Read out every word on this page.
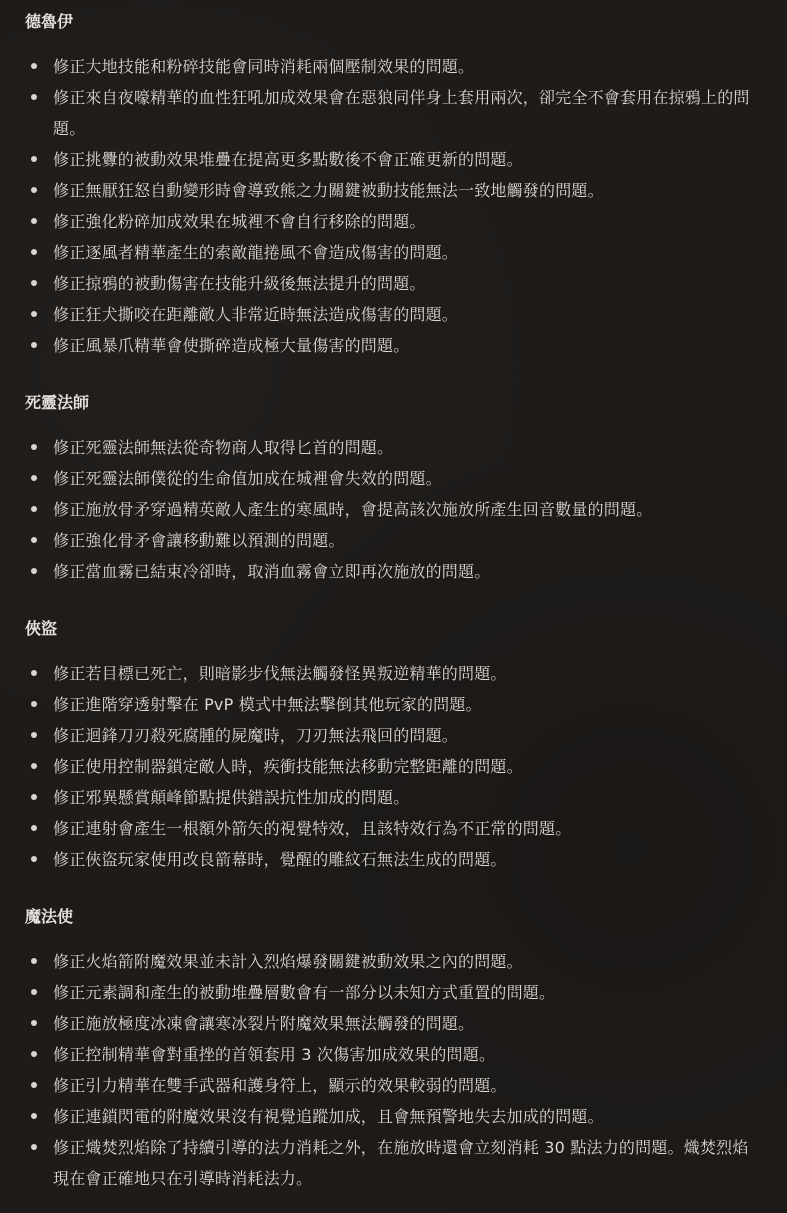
德魯伊
修正大地技能和粉碎技能會同時消耗兩個壓制效果的問題。
修正來自夜嚎精華的血性狂吼加成效果會在惡狼同伴身上套用兩次，卻完全不會套用在掠鴉上的問題。
修正挑釁的被動效果堆疊在提高更多點數後不會正確更新的問題。
修正無厭狂怒自動變形時會導致熊之力關鍵被動技能無法一致地觸發的問題。
修正強化粉碎加成效果在城裡不會自行移除的問題。
修正逐風者精華產生的索敵龍捲風不會造成傷害的問題。
修正掠鴉的被動傷害在技能升級後無法提升的問題。
修正狂犬撕咬在距離敵人非常近時無法造成傷害的問題。
修正風暴爪精華會使撕碎造成極大量傷害的問題。
死靈法師
修正死靈法師無法從奇物商人取得匕首的問題。
修正死靈法師僕從的生命值加成在城裡會失效的問題。
修正施放骨矛穿過精英敵人產生的寒風時，會提高該次施放所產生回音數量的問題。
修正強化骨矛會讓移動難以預測的問題。
修正當血霧已結束冷卻時，取消血霧會立即再次施放的問題。
俠盜
修正若目標已死亡，則暗影步伐無法觸發怪異叛逆精華的問題。
修正進階穿透射擊在 PvP 模式中無法擊倒其他玩家的問題。
修正迴鋒刀刃殺死腐腫的屍魔時，刀刃無法飛回的問題。
修正使用控制器鎖定敵人時，疾衝技能無法移動完整距離的問題。
修正邪異懸賞顛峰節點提供錯誤抗性加成的問題。
修正連射會產生一根額外箭矢的視覺特效，且該特效行為不正常的問題。
修正俠盜玩家使用改良箭幕時，覺醒的雕紋石無法生成的問題。
魔法使
修正火焰箭附魔效果並未計入烈焰爆發關鍵被動效果之內的問題。
修正元素調和產生的被動堆疊層數會有一部分以未知方式重置的問題。
修正施放極度冰凍會讓寒冰裂片附魔效果無法觸發的問題。
修正控制精華會對重挫的首領套用 3 次傷害加成效果的問題。
修正引力精華在雙手武器和護身符上，顯示的效果較弱的問題。
修正連鎖閃電的附魔效果沒有視覺追蹤加成，且會無預警地失去加成的問題。
修正熾焚烈焰除了持續引導的法力消耗之外，在施放時還會立刻消耗 30 點法力的問題。熾焚烈焰現在會正確地只在引導時消耗法力。
